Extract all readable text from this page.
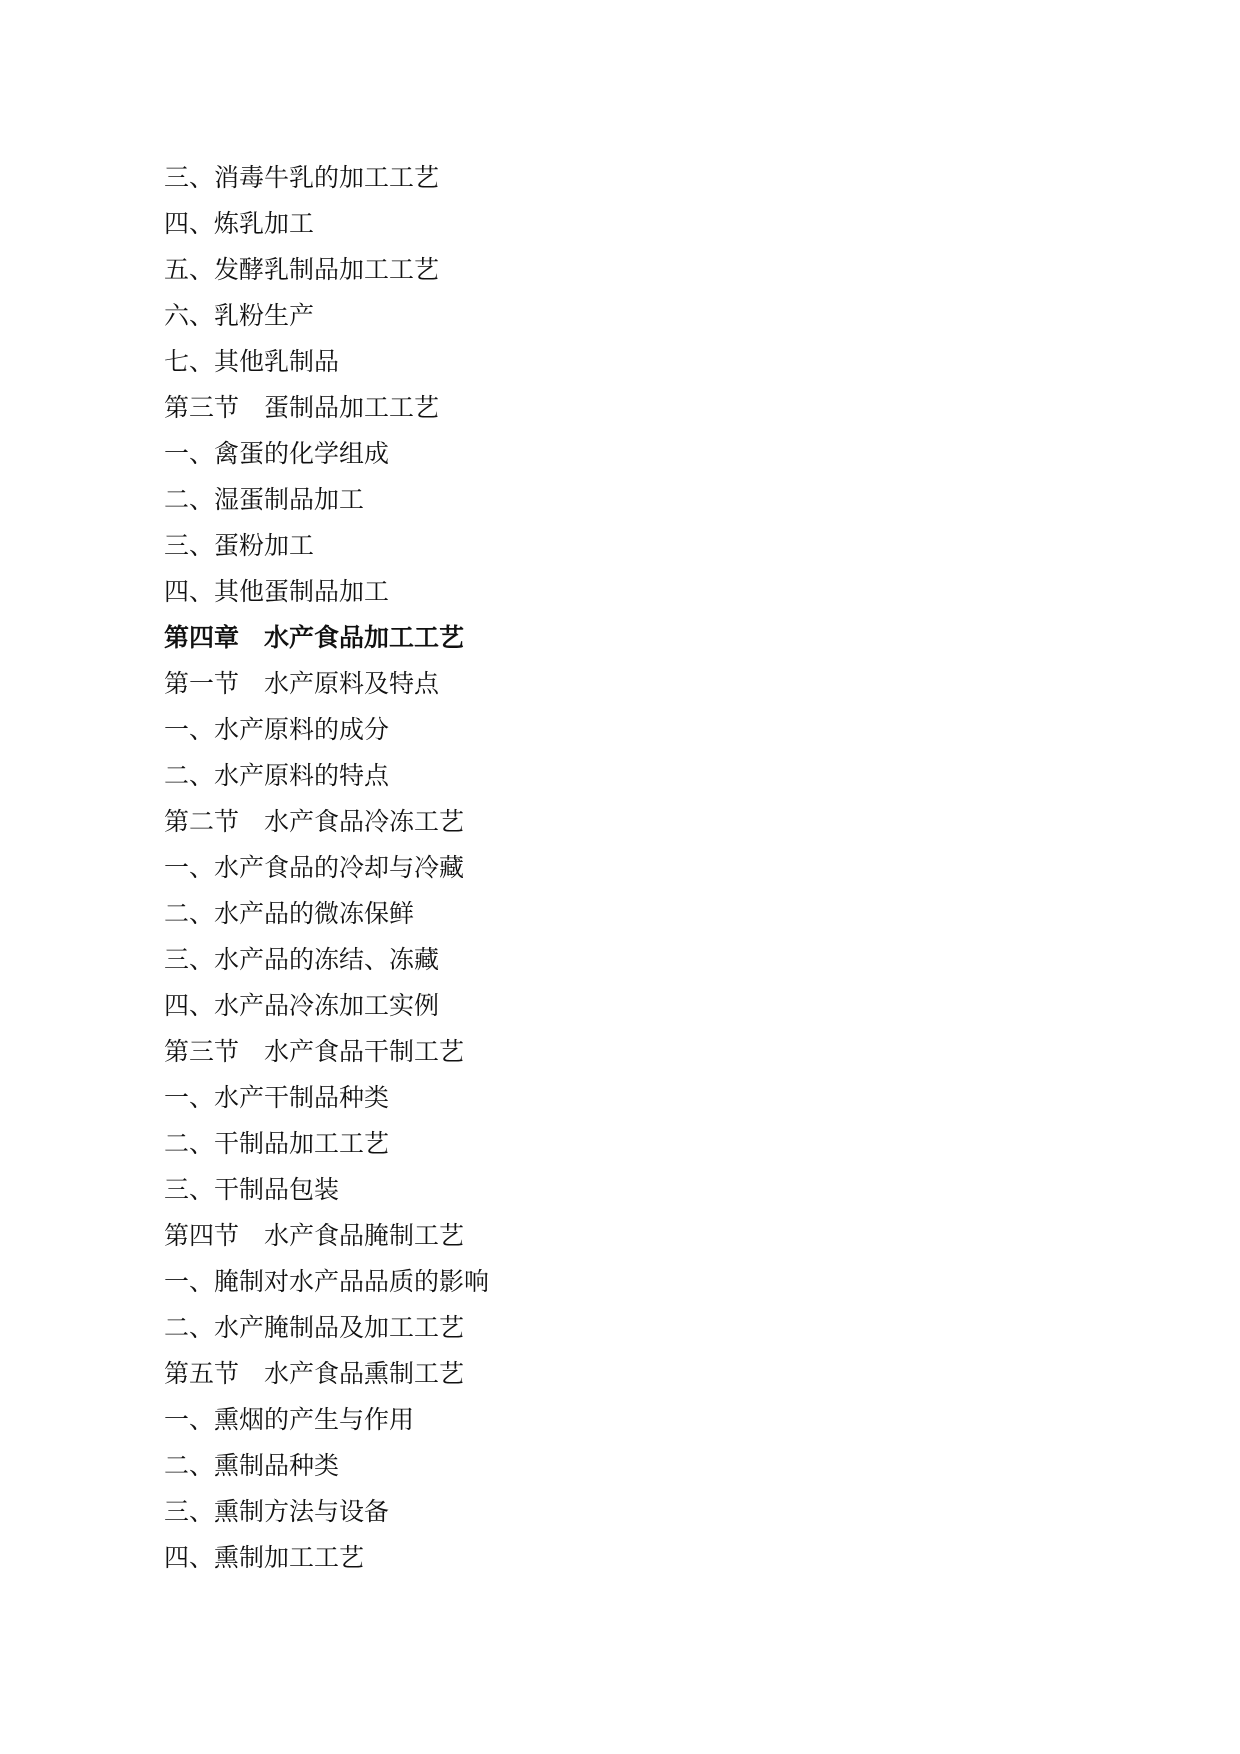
三、消毒牛乳的加工工艺
四、炼乳加工
五、发酵乳制品加工工艺
六、乳粉生产
七、其他乳制品
第三节　蛋制品加工工艺
一、禽蛋的化学组成
二、湿蛋制品加工
三、蛋粉加工
四、其他蛋制品加工
第四章　水产食品加工工艺
第一节　水产原料及特点
一、水产原料的成分
二、水产原料的特点
第二节　水产食品冷冻工艺
一、水产食品的冷却与冷藏
二、水产品的微冻保鲜
三、水产品的冻结、冻藏
四、水产品冷冻加工实例
第三节　水产食品干制工艺
一、水产干制品种类
二、干制品加工工艺
三、干制品包装
第四节　水产食品腌制工艺
一、腌制对水产品品质的影响
二、水产腌制品及加工工艺
第五节　水产食品熏制工艺
一、熏烟的产生与作用
二、熏制品种类
三、熏制方法与设备
四、熏制加工工艺
